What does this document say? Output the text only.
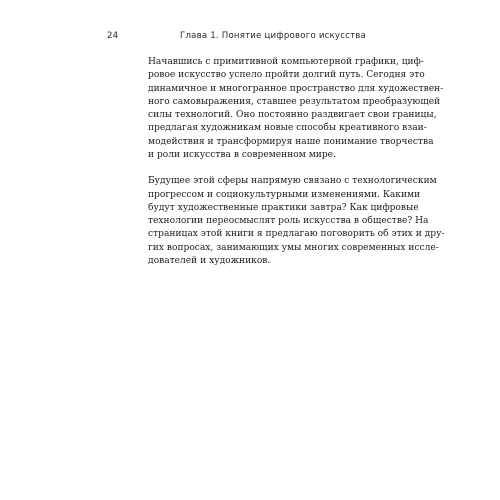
24	Глава 1. Понятие цифрового искусства
Начавшись с примитивной компьютерной графики, циф-
ровое искусство успело пройти долгий путь. Сегодня это
динамичное и многогранное пространство для художествен-
ного самовыражения, ставшее результатом преобразующей
силы технологий. Оно постоянно раздвигает свои границы,
предлагая художникам новые способы креативного взаи-
модействия и трансформируя наше понимание творчества
и роли искусства в современном мире.
Будущее этой сферы напрямую связано с технологическим
прогрессом и социокультурными изменениями. Какими
будут художественные практики завтра? Как цифровые
технологии переосмыслят роль искусства в обществе? На
страницах этой книги я предлагаю поговорить об этих и дру-
гих вопросах, занимающих умы многих современных иссле-
дователей и художников.
